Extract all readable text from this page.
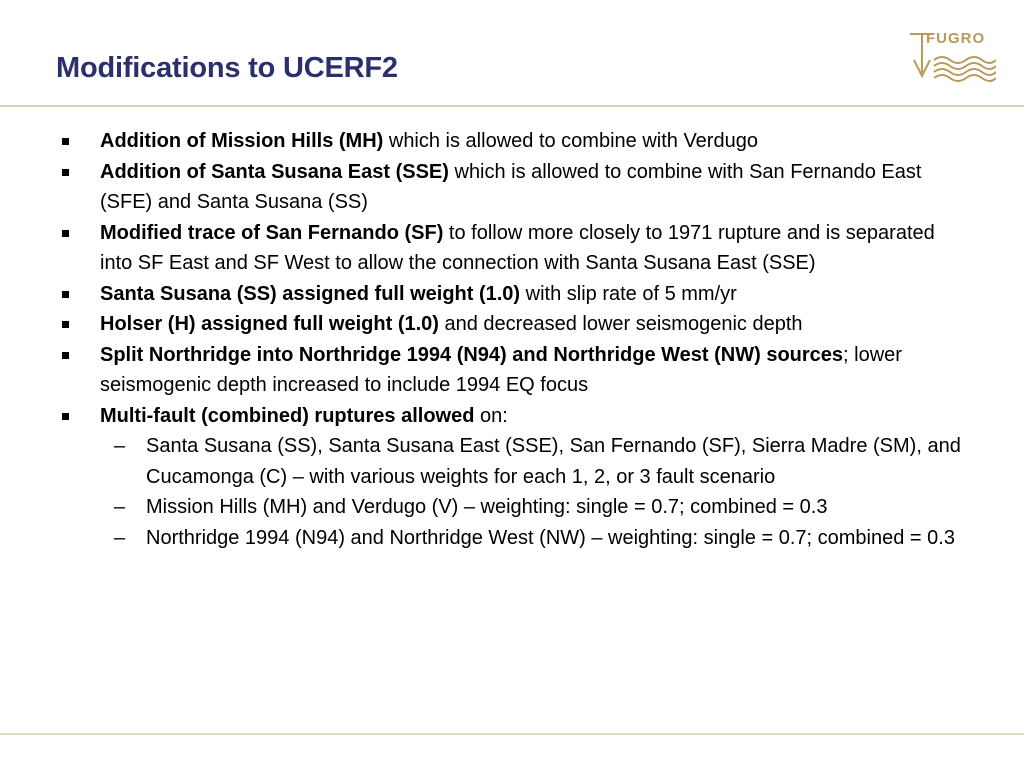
Modifications to UCERF2
FUGRO
Addition of Mission Hills (MH) which is allowed to combine with Verdugo
Addition of Santa Susana East (SSE) which is allowed to combine with San Fernando East (SFE) and Santa Susana (SS)
Modified trace of San Fernando (SF) to follow more closely to 1971 rupture and is separated into SF East and SF West to allow the connection with Santa Susana East (SSE)
Santa Susana (SS) assigned full weight (1.0) with slip rate of 5 mm/yr
Holser (H) assigned full weight (1.0) and decreased lower seismogenic depth
Split Northridge into Northridge 1994 (N94) and Northridge West (NW) sources; lower seismogenic depth increased to include 1994 EQ focus
Multi-fault (combined) ruptures allowed on:
– Santa Susana (SS), Santa Susana East (SSE), San Fernando (SF), Sierra Madre (SM), and Cucamonga (C) – with various weights for each 1, 2, or 3 fault scenario
– Mission Hills (MH) and Verdugo (V) – weighting: single = 0.7; combined = 0.3
– Northridge 1994 (N94) and Northridge West (NW) – weighting: single = 0.7; combined = 0.3
